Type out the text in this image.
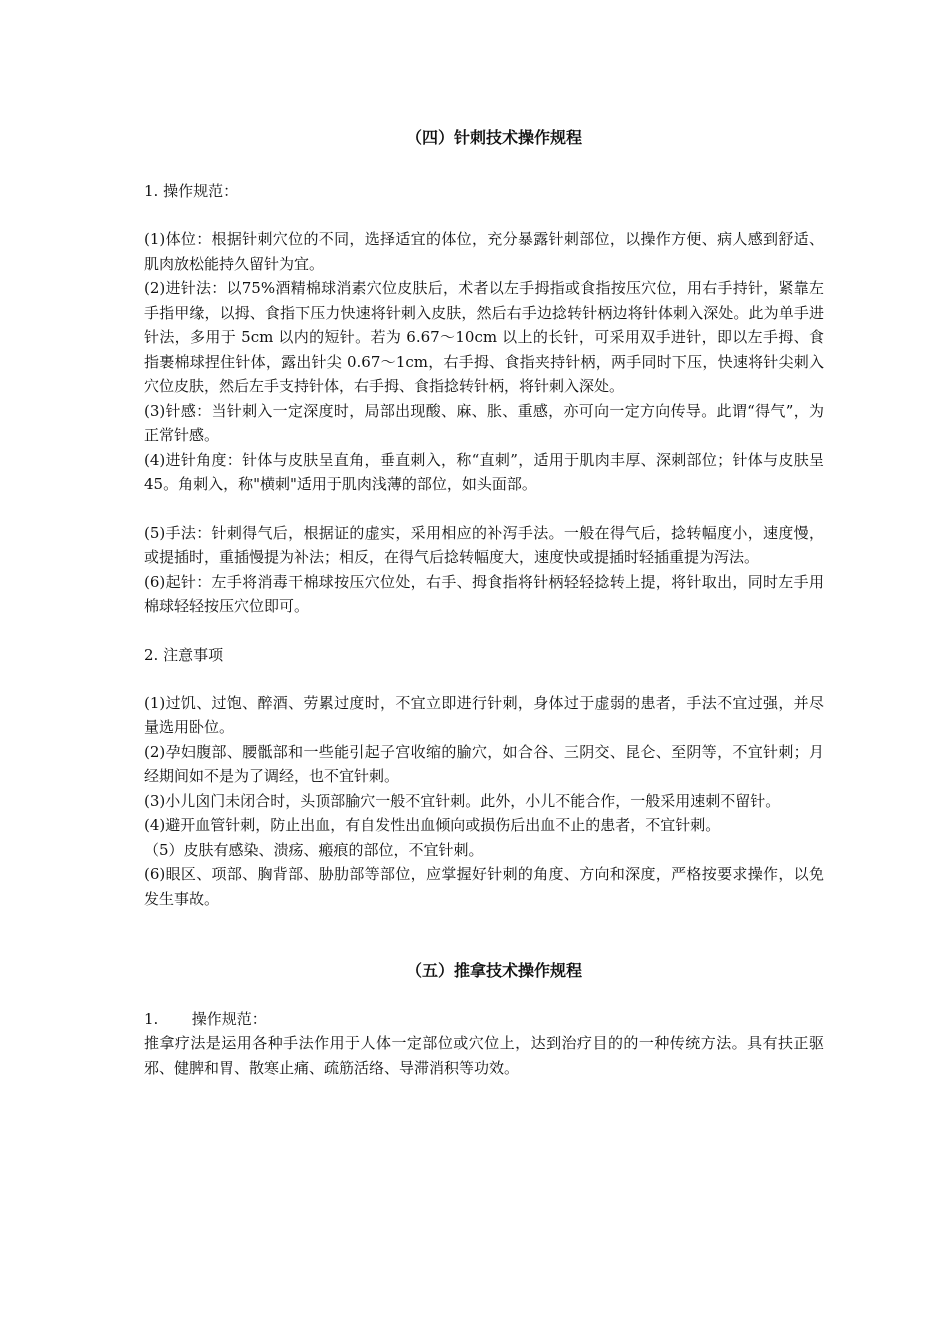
（四）针刺技术操作规程

1. 操作规范：

(1)体位：根据针刺穴位的不同，选择适宜的体位，充分暴露针刺部位，以操作方便、病人感到舒适、肌肉放松能持久留针为宜。

(2)进针法：以75%酒精棉球消素穴位皮肤后，术者以左手拇指或食指按压穴位，用右手持针，紧靠左手指甲缘，以拇、食指下压力快速将针刺入皮肤，然后右手边捻转针柄边将针体刺入深处。此为单手进针法，多用于 5cm 以内的短针。若为 6.67～10cm 以上的长针，可采用双手进针，即以左手拇、食指裹棉球捏住针体，露出针尖 0.67～1cm，右手拇、食指夹持针柄，两手同时下压，快速将针尖刺入穴位皮肤，然后左手支持针体，右手拇、食指捻转针柄，将针刺入深处。

(3)针感：当针刺入一定深度时，局部出现酸、麻、胀、重感，亦可向一定方向传导。此谓“得气”，为正常针感。

(4)进针角度：针体与皮肤呈直角，垂直刺入，称“直刺”，适用于肌肉丰厚、深刺部位；针体与皮肤呈 45。角刺入，称"横刺"适用于肌肉浅薄的部位，如头面部。

(5)手法：针刺得气后，根据证的虚实，采用相应的补泻手法。一般在得气后，捻转幅度小，速度慢，或提插时，重插慢提为补法；相反，在得气后捻转幅度大，速度快或提插时轻插重提为泻法。

(6)起针：左手将消毒干棉球按压穴位处，右手、拇食指将针柄轻轻捻转上提，将针取出，同时左手用棉球轻轻按压穴位即可。

2. 注意事项

(1)过饥、过饱、醉酒、劳累过度时，不宜立即进行针刺，身体过于虚弱的患者，手法不宜过强，并尽量选用卧位。

(2)孕妇腹部、腰骶部和一些能引起子宫收缩的腧穴，如合谷、三阴交、昆仑、至阴等，不宜针刺；月经期间如不是为了调经，也不宜针刺。

(3)小儿囟门未闭合时，头顶部腧穴一般不宜针刺。此外，小儿不能合作，一般采用速刺不留针。

(4)避开血管针刺，防止出血，有自发性出血倾向或损伤后出血不止的患者，不宜针刺。

（5）皮肤有感染、溃疡、瘢痕的部位，不宜针刺。

(6)眼区、项部、胸背部、胁肋部等部位，应掌握好针刺的角度、方向和深度，严格按要求操作，以免发生事故。

（五）推拿技术操作规程

1.       操作规范：

推拿疗法是运用各种手法作用于人体一定部位或穴位上，达到治疗目的的一种传统方法。具有扶正驱邪、健脾和胃、散寒止痛、疏筋活络、导滞消积等功效。
